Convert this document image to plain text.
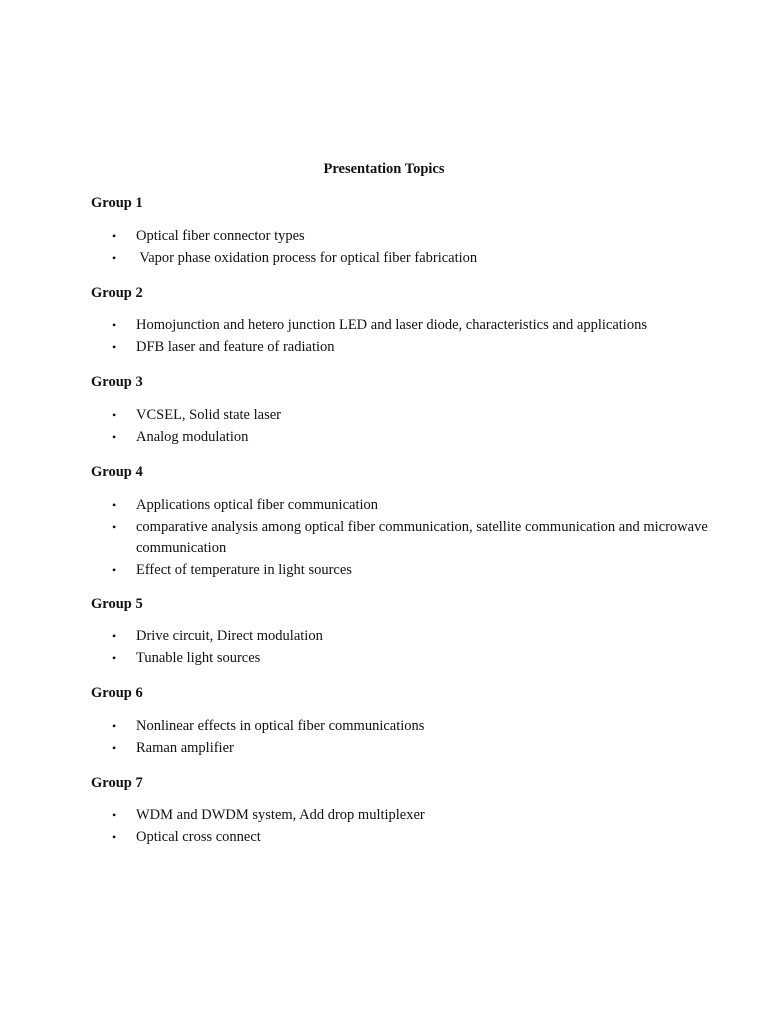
Presentation Topics
Group 1
• Optical fiber connector types
• Vapor phase oxidation process for optical fiber fabrication
Group 2
• Homojunction and hetero junction LED and laser diode, characteristics and applications
• DFB laser and feature of radiation
Group 3
• VCSEL, Solid state laser
• Analog modulation
Group 4
• Applications optical fiber communication
• comparative analysis among optical fiber communication, satellite communication and microwave communication
• Effect of temperature in light sources
Group 5
• Drive circuit, Direct modulation
• Tunable light sources
Group 6
• Nonlinear effects in optical fiber communications
• Raman amplifier
Group 7
• WDM and DWDM system, Add drop multiplexer
• Optical cross connect
